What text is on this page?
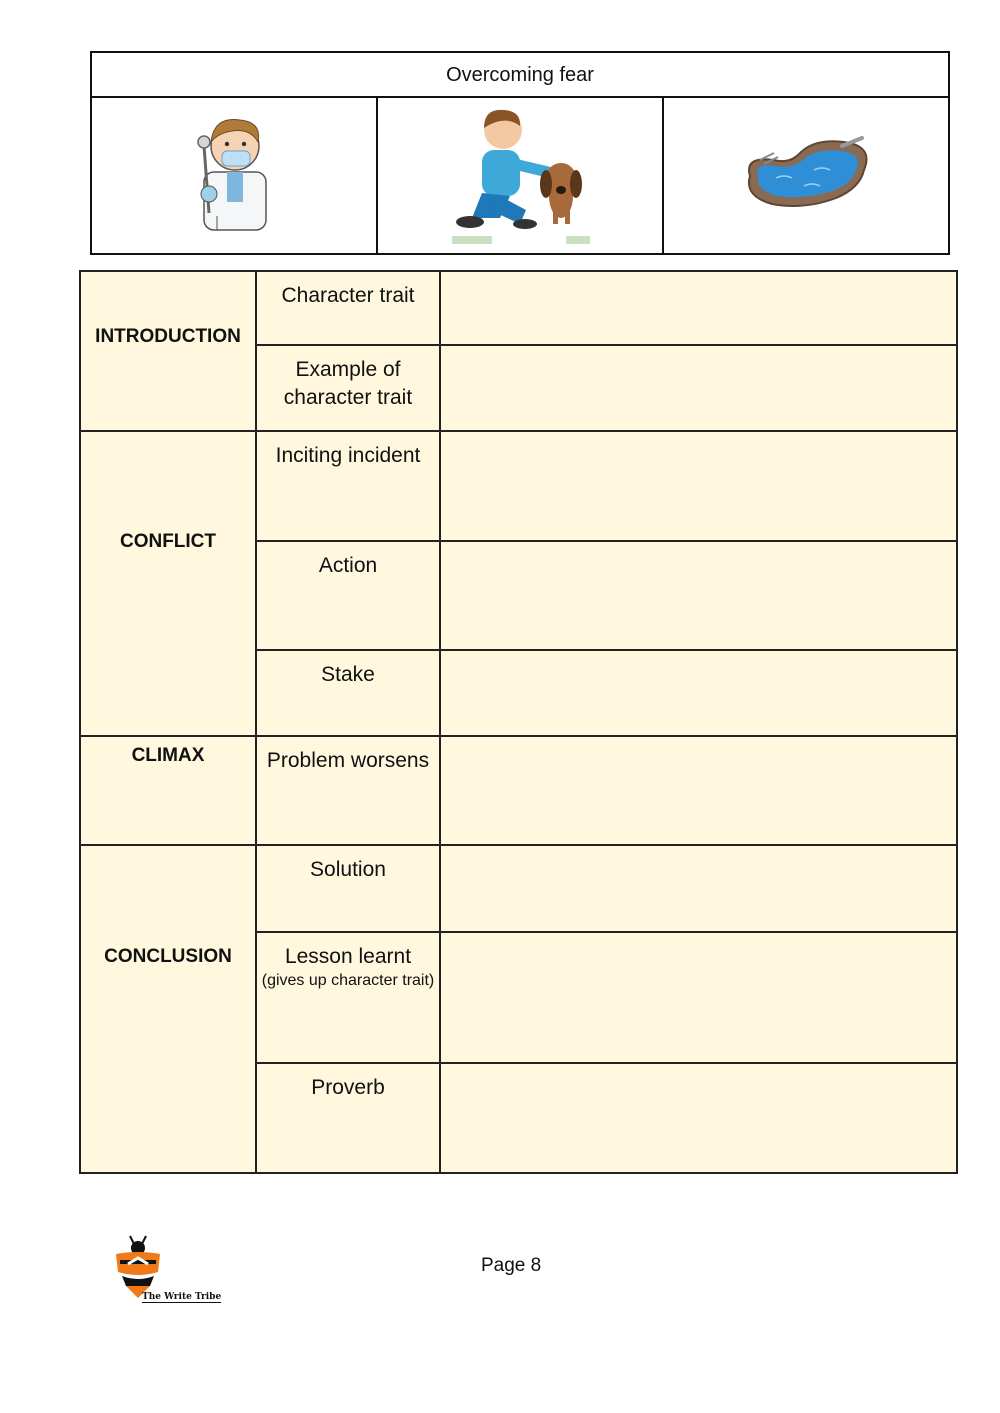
Overcoming fear
INTRODUCTION	Character trait	
	Example of character trait	
CONFLICT	Inciting incident	
	Action	
	Stake	
CLIMAX	Problem worsens	
CONCLUSION	Solution	
	Lesson learnt
(gives up character trait)	

	Proverb	
The Write Tribe
Page 8
